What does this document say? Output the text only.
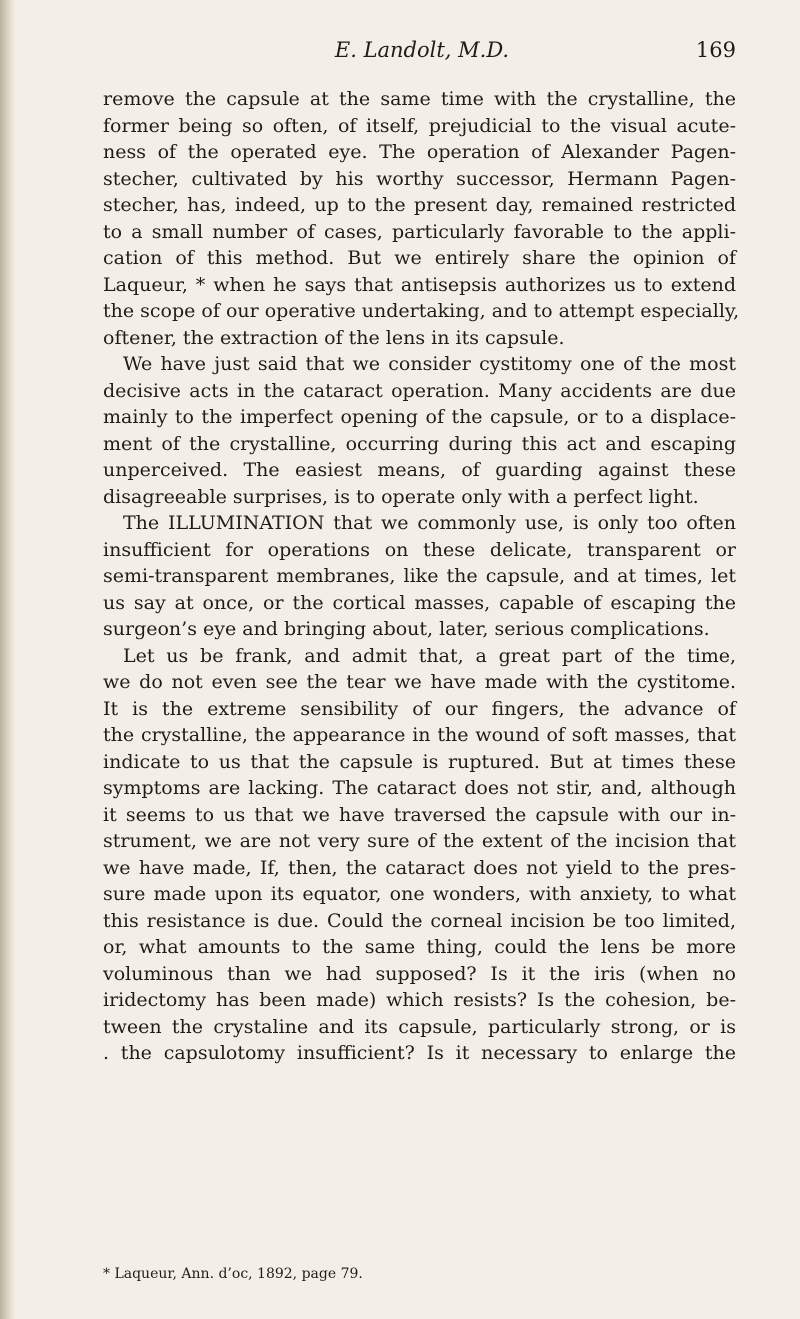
E. Landolt, M.D.	169
remove the capsule at the same time with the crystalline, the
former being so often, of itself, prejudicial to the visual acute-
ness of the operated eye. The operation of Alexander Pagen-
stecher, cultivated by his worthy successor, Hermann Pagen-
stecher, has, indeed, up to the present day, remained restricted
to a small number of cases, particularly favorable to the appli-
cation of this method. But we entirely share the opinion of
Laqueur, * when he says that antisepsis authorizes us to extend
the scope of our operative undertaking, and to attempt especially,
oftener, the extraction of the lens in its capsule.
We have just said that we consider cystitomy one of the most
decisive acts in the cataract operation. Many accidents are due
mainly to the imperfect opening of the capsule, or to a displace-
ment of the crystalline, occurring during this act and escaping
unperceived. The easiest means, of guarding against these
disagreeable surprises, is to operate only with a perfect light.
The ILLUMINATION that we commonly use, is only too often
insufficient for operations on these delicate, transparent or
semi-transparent membranes, like the capsule, and at times, let
us say at once, or the cortical masses, capable of escaping the
surgeon’s eye and bringing about, later, serious complications.
Let us be frank, and admit that, a great part of the time,
we do not even see the tear we have made with the cystitome.
It is the extreme sensibility of our fingers, the advance of
the crystalline, the appearance in the wound of soft masses, that
indicate to us that the capsule is ruptured. But at times these
symptoms are lacking. The cataract does not stir, and, although
it seems to us that we have traversed the capsule with our in-
strument, we are not very sure of the extent of the incision that
we have made, If, then, the cataract does not yield to the pres-
sure made upon its equator, one wonders, with anxiety, to what
this resistance is due. Could the corneal incision be too limited,
or, what amounts to the same thing, could the lens be more
voluminous than we had supposed? Is it the iris (when no
iridectomy has been made) which resists? Is the cohesion, be-
tween the crystaline and its capsule, particularly strong, or is
. the capsulotomy insufficient? Is it necessary to enlarge the
* Laqueur, Ann. d’oc, 1892, page 79.
